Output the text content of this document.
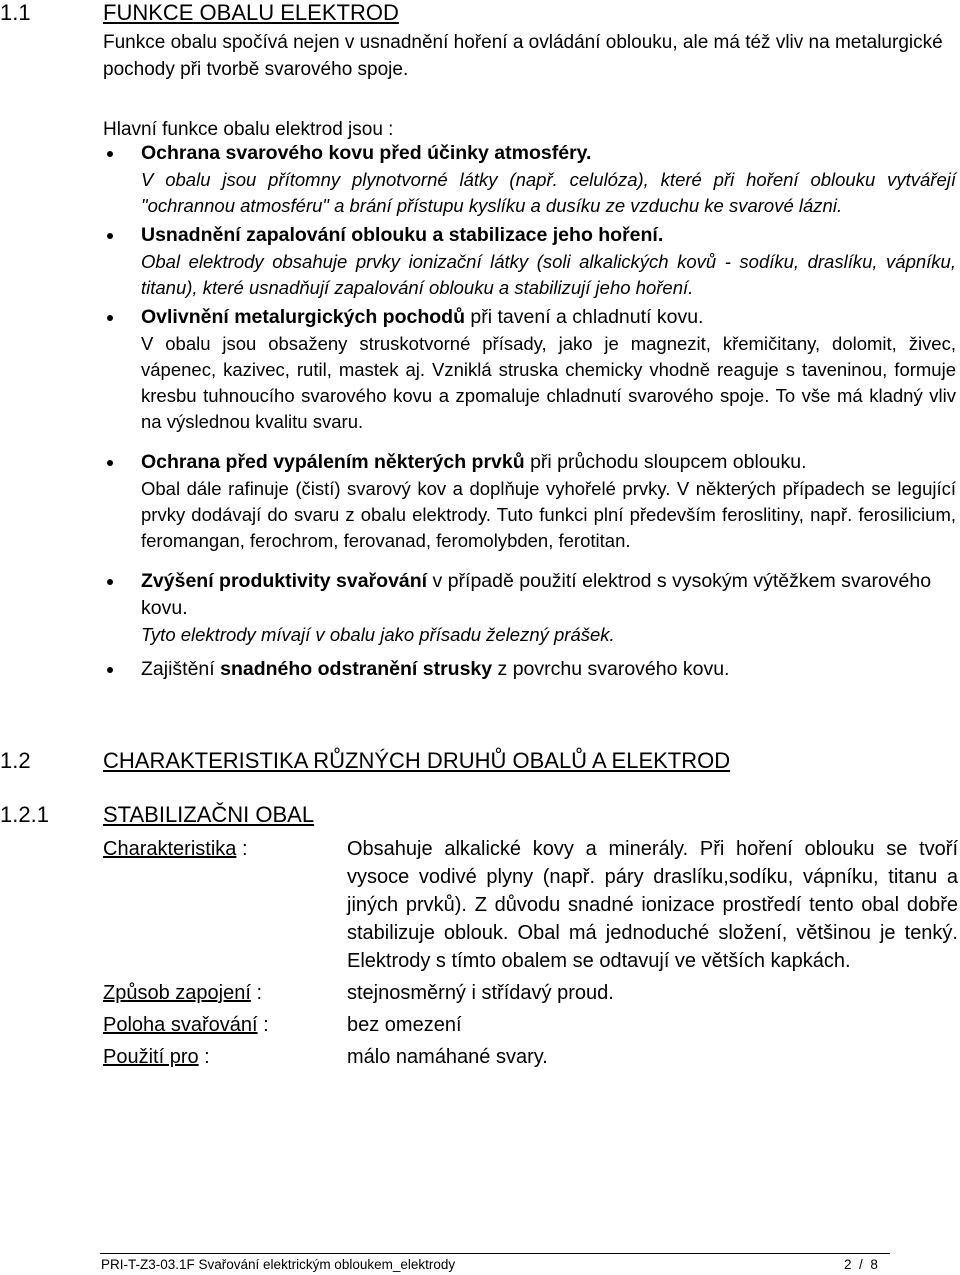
1.1	FUNKCE OBALU ELEKTROD

Funkce obalu spočívá nejen v usnadnění hoření a ovládání oblouku, ale má též vliv na metalurgické pochody při tvorbě svarového spoje.

Hlavní funkce obalu elektrod jsou :

Ochrana svarového kovu před účinky atmosféry.
V obalu jsou přítomny plynotvorné látky (např. celulóza), které při hoření oblouku vytvářejí "ochrannou atmosféru" a brání přístupu kyslíku a dusíku ze vzduchu ke svarové lázni.
Usnadnění zapalování oblouku a stabilizace jeho hoření.
Obal elektrody obsahuje prvky ionizační látky (soli alkalických kovů - sodíku, draslíku, vápníku, titanu), které usnadňují zapalování oblouku a stabilizují jeho hoření.
Ovlivnění metalurgických pochodů při tavení a chladnutí kovu.
V obalu jsou obsaženy struskotvorné přísady, jako je magnezit, křemičitany, dolomit, živec, vápenec, kazivec, rutil, mastek aj. Vzniklá struska chemicky vhodně reaguje s taveninou, formuje kresbu tuhnoucího svarového kovu a zpomaluje chladnutí svarového spoje. To vše má kladný vliv na výslednou kvalitu svaru.
Ochrana před vypálením některých prvků při průchodu sloupcem oblouku.
Obal dále rafinuje (čistí) svarový kov a doplňuje vyhořelé prvky. V některých případech se legující prvky dodávají do svaru z obalu elektrody. Tuto funkci plní především feroslitiny, např. ferosilicium, feromangan, ferochrom, ferovanad, feromolybden, ferotitan.
Zvýšení produktivity svařování v případě použití elektrod s vysokým výtěžkem svarového kovu.
Tyto elektrody mívají v obalu jako přísadu železný prášek.
Zajištění snadného odstranění strusky z povrchu svarového kovu.
1.2	CHARAKTERISTIKA RŮZNÝCH DRUHŮ OBALŮ A ELEKTROD
1.2.1 STABILIZAČNI OBAL
Charakteristika :	Obsahuje alkalické kovy a minerály. Při hoření oblouku se tvoří vysoce vodivé plyny (např. páry draslíku,sodíku, vápníku, titanu a jiných prvků). Z důvodu snadné ionizace prostředí tento obal dobře stabilizuje oblouk. Obal má jednoduché složení, většinou je tenký. Elektrody s tímto obalem se odtavují ve větších kapkách.
Způsob zapojení :	stejnosměrný i střídavý proud.
Poloha svařování :	bez omezení
Použití pro :	málo namáhané svary.
PRI-T-Z3-03.1F Svařování elektrickým obloukem_elektrody	2 / 8
